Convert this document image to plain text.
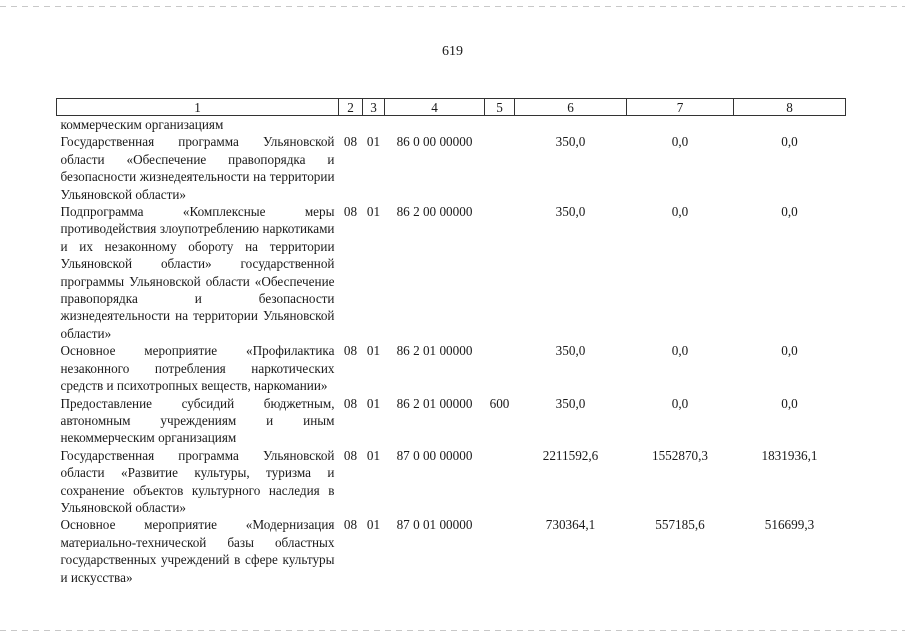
619
1	2	3	4	5	6	7	8
коммерческим организациям							
Государственная программа Ульяновской области «Обеспечение правопорядка и безопасности жизнедеятельности на территории Ульяновской области»	08	01	86 0 00 00000		350,0	0,0	0,0
Подпрограмма «Комплексные меры противодействия злоупотреблению наркотиками и их незаконному обороту на территории Ульяновской области» государственной программы Ульяновской области «Обеспечение правопорядка и безопасности жизнедеятельности на территории Ульяновской области»	08	01	86 2 00 00000		350,0	0,0	0,0
Основное мероприятие «Профилактика незаконного потребления наркотических средств и психотропных веществ, наркомании»	08	01	86 2 01 00000		350,0	0,0	0,0
Предоставление субсидий бюджетным, автономным учреждениям и иным некоммерческим организациям	08	01	86 2 01 00000	600	350,0	0,0	0,0
Государственная программа Ульяновской области «Развитие культуры, туризма и сохранение объектов культурного наследия в Ульяновской области»	08	01	87 0 00 00000		2211592,6	1552870,3	1831936,1
Основное мероприятие «Модернизация материально-технической базы областных государственных учреждений в сфере культуры и искусства»	08	01	87 0 01 00000		730364,1	557185,6	516699,3
